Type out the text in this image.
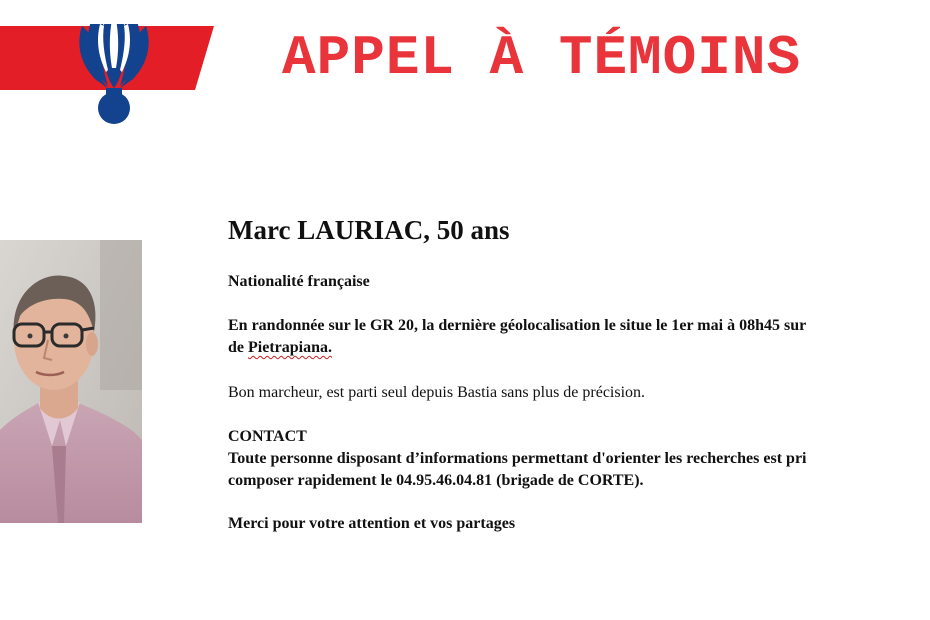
APPEL À TÉMOINS

Marc LAURIAC, 50 ans

Nationalité française

En randonnée sur le GR 20, la dernière géolocalisation le situe le 1er mai à 08h45 sur

de Pietrapiana.

Bon marcheur, est parti seul depuis Bastia sans plus de précision.

CONTACT

Toute personne disposant d’informations permettant d'orienter les recherches est pri

composer rapidement le 04.95.46.04.81 (brigade de CORTE).

Merci pour votre attention et vos partages
